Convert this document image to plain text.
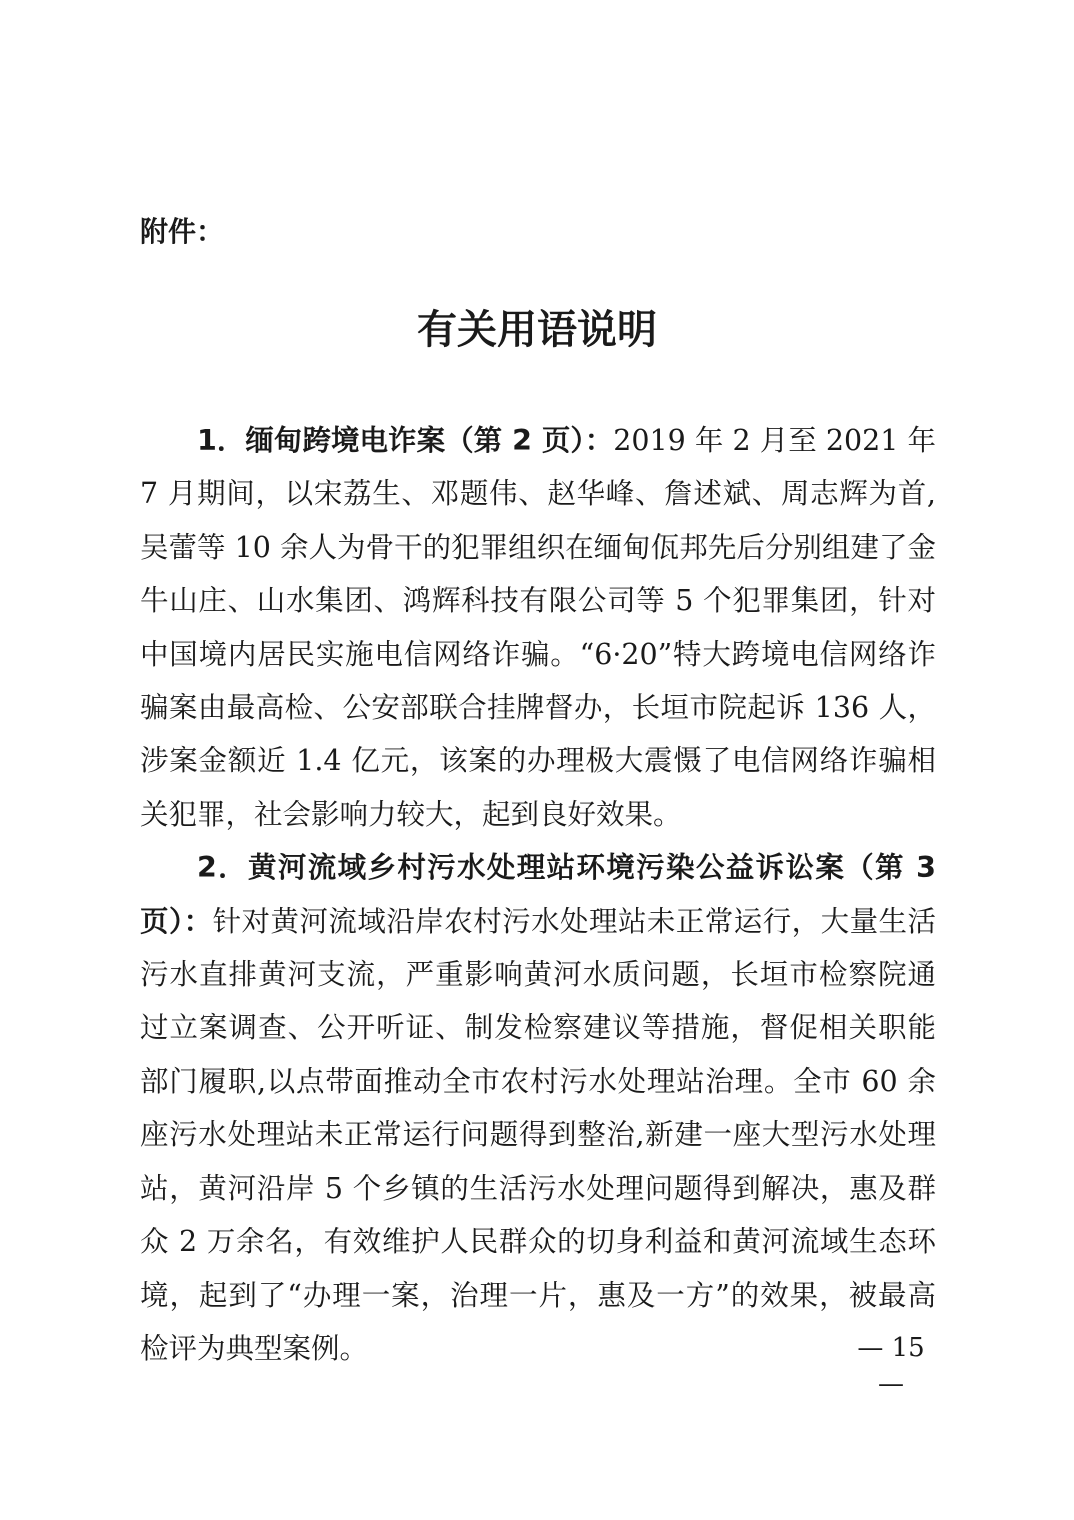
附件：
有关用语说明

1．缅甸跨境电诈案（第 2 页）：2019 年 2 月至 2021 年 7 月期间，以宋荔生、邓题伟、赵华峰、詹述斌、周志辉为首,吴蕾等 10 余人为骨干的犯罪组织在缅甸佤邦先后分别组建了金牛山庄、山水集团、鸿辉科技有限公司等 5 个犯罪集团，针对中国境内居民实施电信网络诈骗。“6·20”特大跨境电信网络诈骗案由最高检、公安部联合挂牌督办，长垣市院起诉 136 人，涉案金额近 1.4 亿元，该案的办理极大震慑了电信网络诈骗相关犯罪，社会影响力较大，起到良好效果。

2．黄河流域乡村污水处理站环境污染公益诉讼案（第 3 页）：针对黄河流域沿岸农村污水处理站未正常运行，大量生活污水直排黄河支流，严重影响黄河水质问题，长垣市检察院通过立案调查、公开听证、制发检察建议等措施，督促相关职能部门履职,以点带面推动全市农村污水处理站治理。全市 60 余座污水处理站未正常运行问题得到整治,新建一座大型污水处理站，黄河沿岸 5 个乡镇的生活污水处理问题得到解决，惠及群众 2 万余名，有效维护人民群众的切身利益和黄河流域生态环境，起到了“办理一案，治理一片，惠及一方”的效果，被最高检评为典型案例。	— 15 —
